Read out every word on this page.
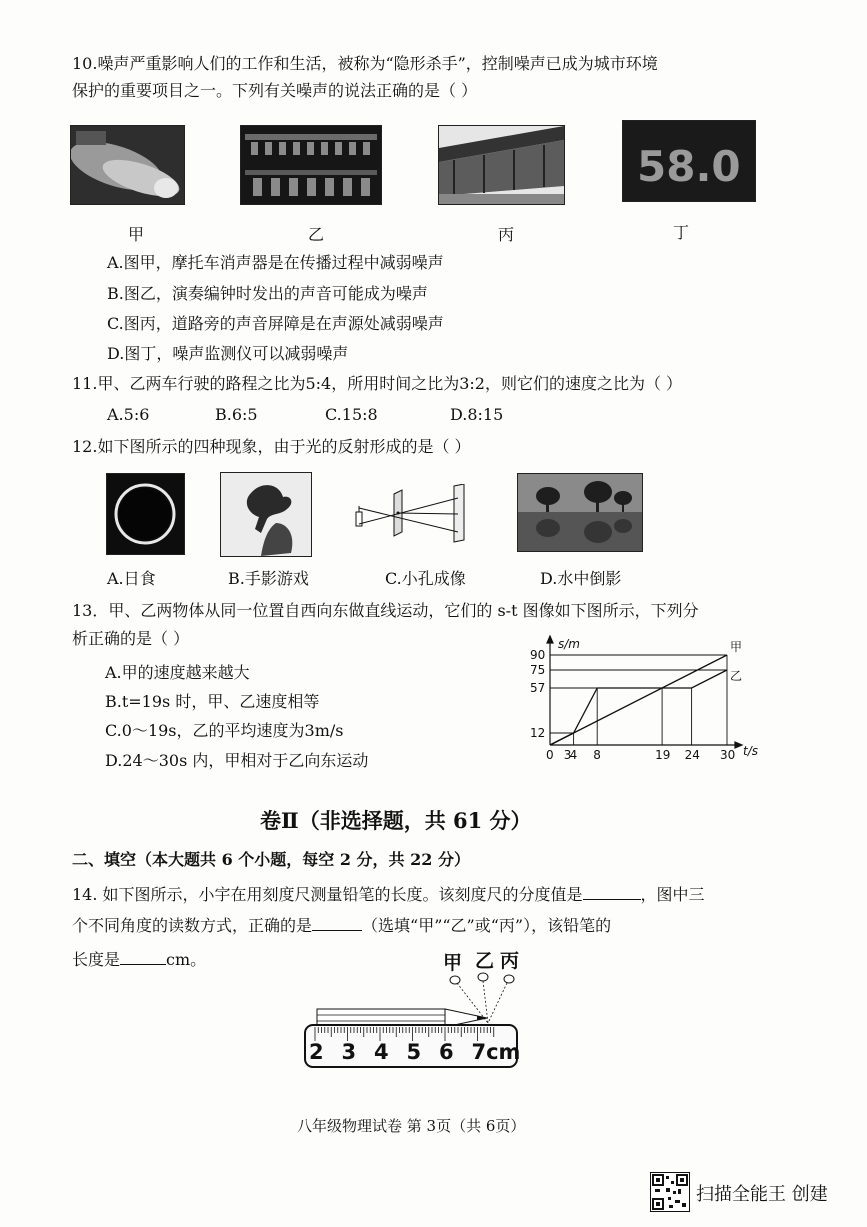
10.噪声严重影响人们的工作和生活，被称为“隐形杀手”，控制噪声已成为城市环境
保护的重要项目之一。下列有关噪声的说法正确的是（ ）
58.0
甲	乙	丙	丁
A.图甲，摩托车消声器是在传播过程中减弱噪声
B.图乙，演奏编钟时发出的声音可能成为噪声
C.图丙，道路旁的声音屏障是在声源处减弱噪声
D.图丁，噪声监测仪可以减弱噪声
11.甲、乙两车行驶的路程之比为5:4，所用时间之比为3:2，则它们的速度之比为（ ）
A.5:6	B.6:5	C.15:8	D.8:15
12.如下图所示的四种现象，由于光的反射形成的是（ ）
A.日食	B.手影游戏	C.小孔成像	D.水中倒影
13．甲、乙两物体从同一位置自西向东做直线运动，它们的 s-t 图像如下图所示，下列分
析正确的是（ ）
A.甲的速度越来越大
B.t=19s 时，甲、乙速度相等
C.0～19s，乙的平均速度为3m/s
D.24～30s 内，甲相对于乙向东运动
12
57
75
90
0 3
4 8	19 24 30
甲
乙
s/m
t/s
卷Ⅱ（非选择题，共 61 分）
二、填空（本大题共 6 个小题，每空 2 分，共 22 分）
14. 如下图所示，小宇在用刻度尺测量铅笔的长度。该刻度尺的分度值是	，图中三
个不同角度的读数方式，正确的是	（选填“甲”“乙”或“丙”），该铅笔的
长度是	cm。	甲 乙 丙
2 3 4 5 6 7cm
八年级物理试卷 第 3页（共 6页）
扫描全能王 创建
